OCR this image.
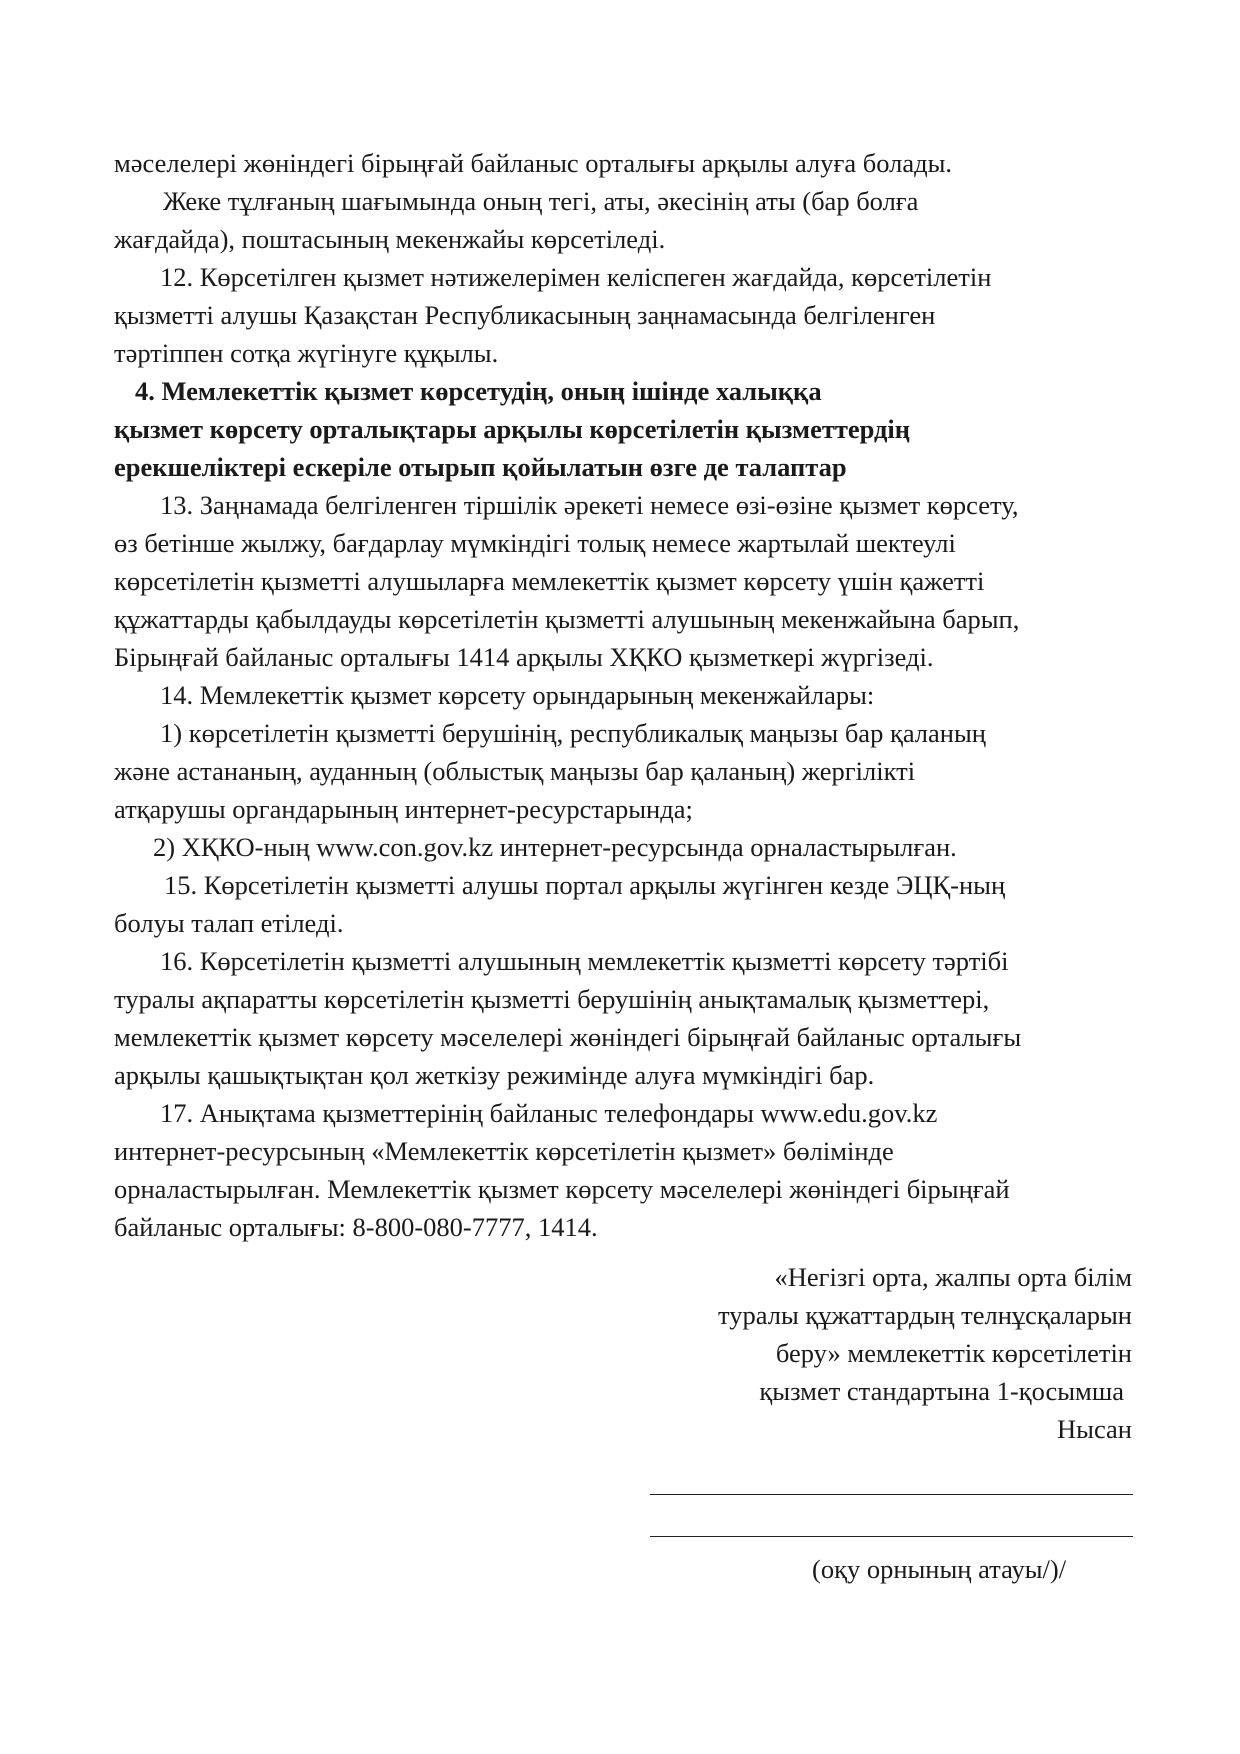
мәселелері жөніндегі бірыңғай байланыс орталығы арқылы алуға болады.
Жеке тұлғаның шағымында оның тегі, аты, әкесінің аты (бар болға
жағдайда), поштасының мекенжайы көрсетіледі.
12. Көрсетілген қызмет нәтижелерімен келіспеген жағдайда, көрсетілетін
қызметті алушы Қазақстан Республикасының заңнамасында белгіленген
тәртіппен сотқа жүгінуге құқылы.
4. Мемлекеттік қызмет көрсетудің, оның ішінде халыққа
қызмет көрсету орталықтары арқылы көрсетілетін қызметтердің
ерекшеліктері ескеріле отырып қойылатын өзге де талаптар
13. Заңнамада белгіленген тіршілік әрекеті немесе өзі-өзіне қызмет көрсету,
өз бетінше жылжу, бағдарлау мүмкіндігі толық немесе жартылай шектеулі
көрсетілетін қызметті алушыларға мемлекеттік қызмет көрсету үшін қажетті
құжаттарды қабылдауды көрсетілетін қызметті алушының мекенжайына барып,
Бірыңғай байланыс орталығы 1414 арқылы ХҚКО қызметкері жүргізеді.
14. Мемлекеттік қызмет көрсету орындарының мекенжайлары:
1) көрсетілетін қызметті берушінің, республикалық маңызы бар қаланың
және астананың, ауданның (облыстық маңызы бар қаланың) жергілікті
атқарушы органдарының интернет-ресурстарында;
2) ХҚКО-ның www.con.gov.kz интернет-ресурсында орналастырылған.
15. Көрсетілетін қызметті алушы портал арқылы жүгінген кезде ЭЦҚ-ның
болуы талап етіледі.
16. Көрсетілетін қызметті алушының мемлекеттік қызметті көрсету тәртібі
туралы ақпаратты көрсетілетін қызметті берушінің анықтамалық қызметтері,
мемлекеттік қызмет көрсету мәселелері жөніндегі бірыңғай байланыс орталығы
арқылы қашықтықтан қол жеткізу режимінде алуға мүмкіндігі бар.
17. Анықтама қызметтерінің байланыс телефондары www.edu.gov.kz
интернет-ресурсының «Мемлекеттік көрсетілетін қызмет» бөлімінде
орналастырылған. Мемлекеттік қызмет көрсету мәселелері жөніндегі бірыңғай
байланыс орталығы: 8-800-080-7777, 1414.
«Негізгі орта, жалпы орта білім
туралы құжаттардың телнұсқаларын
беру» мемлекеттік көрсетілетін
қызмет стандартына 1-қосымша
Нысан
(оқу орнының атауы/)/
